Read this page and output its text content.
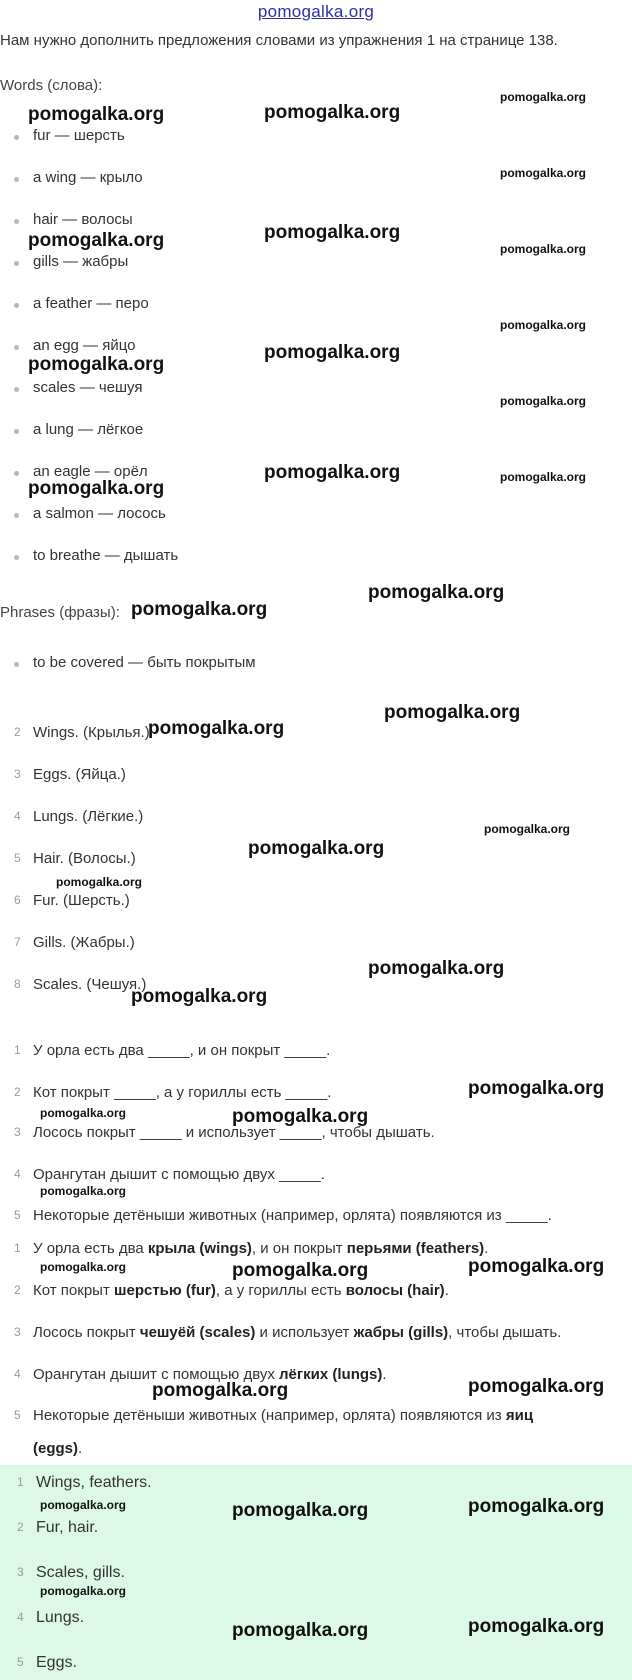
pomogalka.org
Нам нужно дополнить предложения словами из упражнения 1 на странице 138.
Words (слова):
fur — шерсть
a wing — крыло
hair — волосы
gills — жабры
a feather — перо
an egg — яйцо
scales — чешуя
a lung — лёгкое
an eagle — орёл
a salmon — лосось
to breathe — дышать
Phrases (фразы):
to be covered — быть покрытым
2 Wings. (Крылья.)
3 Eggs. (Яйца.)
4 Lungs. (Лёгкие.)
5 Hair. (Волосы.)
6 Fur. (Шерсть.)
7 Gills. (Жабры.)
8 Scales. (Чешуя.)
1 У орла есть два _____, и он покрыт _____.
2 Кот покрыт _____, а у гориллы есть _____.
3 Лосось покрыт _____ и использует _____, чтобы дышать.
4 Орангутан дышит с помощью двух _____.
5 Некоторые детёныши животных (например, орлята) появляются из _____.
1 У орла есть два крыла (wings), и он покрыт перьями (feathers).
2 Кот покрыт шерстью (fur), а у гориллы есть волосы (hair).
3 Лосось покрыт чешуёй (scales) и использует жабры (gills), чтобы дышать.
4 Орангутан дышит с помощью двух лёгких (lungs).
5 Некоторые детёныши животных (например, орлята) появляются из яиц
(eggs).
1 Wings, feathers.
2 Fur, hair.
3 Scales, gills.
4 Lungs.
5 Eggs.
pomogalka.org	pomogalka.org
pomogalka.org
pomogalka.org
pomogalka.org	pomogalka.org
pomogalka.org
pomogalka.org
pomogalka.org
pomogalka.org
pomogalka.org
pomogalka.org	pomogalka.org
pomogalka.org
pomogalka.org
pomogalka.org
pomogalka.org
pomogalka.org
pomogalka.org
pomogalka.org
pomogalka.org
pomogalka.org
pomogalka.org
pomogalka.org
pomogalka.org	pomogalka.org
pomogalka.org
pomogalka.org	pomogalka.org	pomogalka.org
pomogalka.org	pomogalka.org
pomogalka.org	pomogalka.org	pomogalka.org
pomogalka.org
pomogalka.org	pomogalka.org
